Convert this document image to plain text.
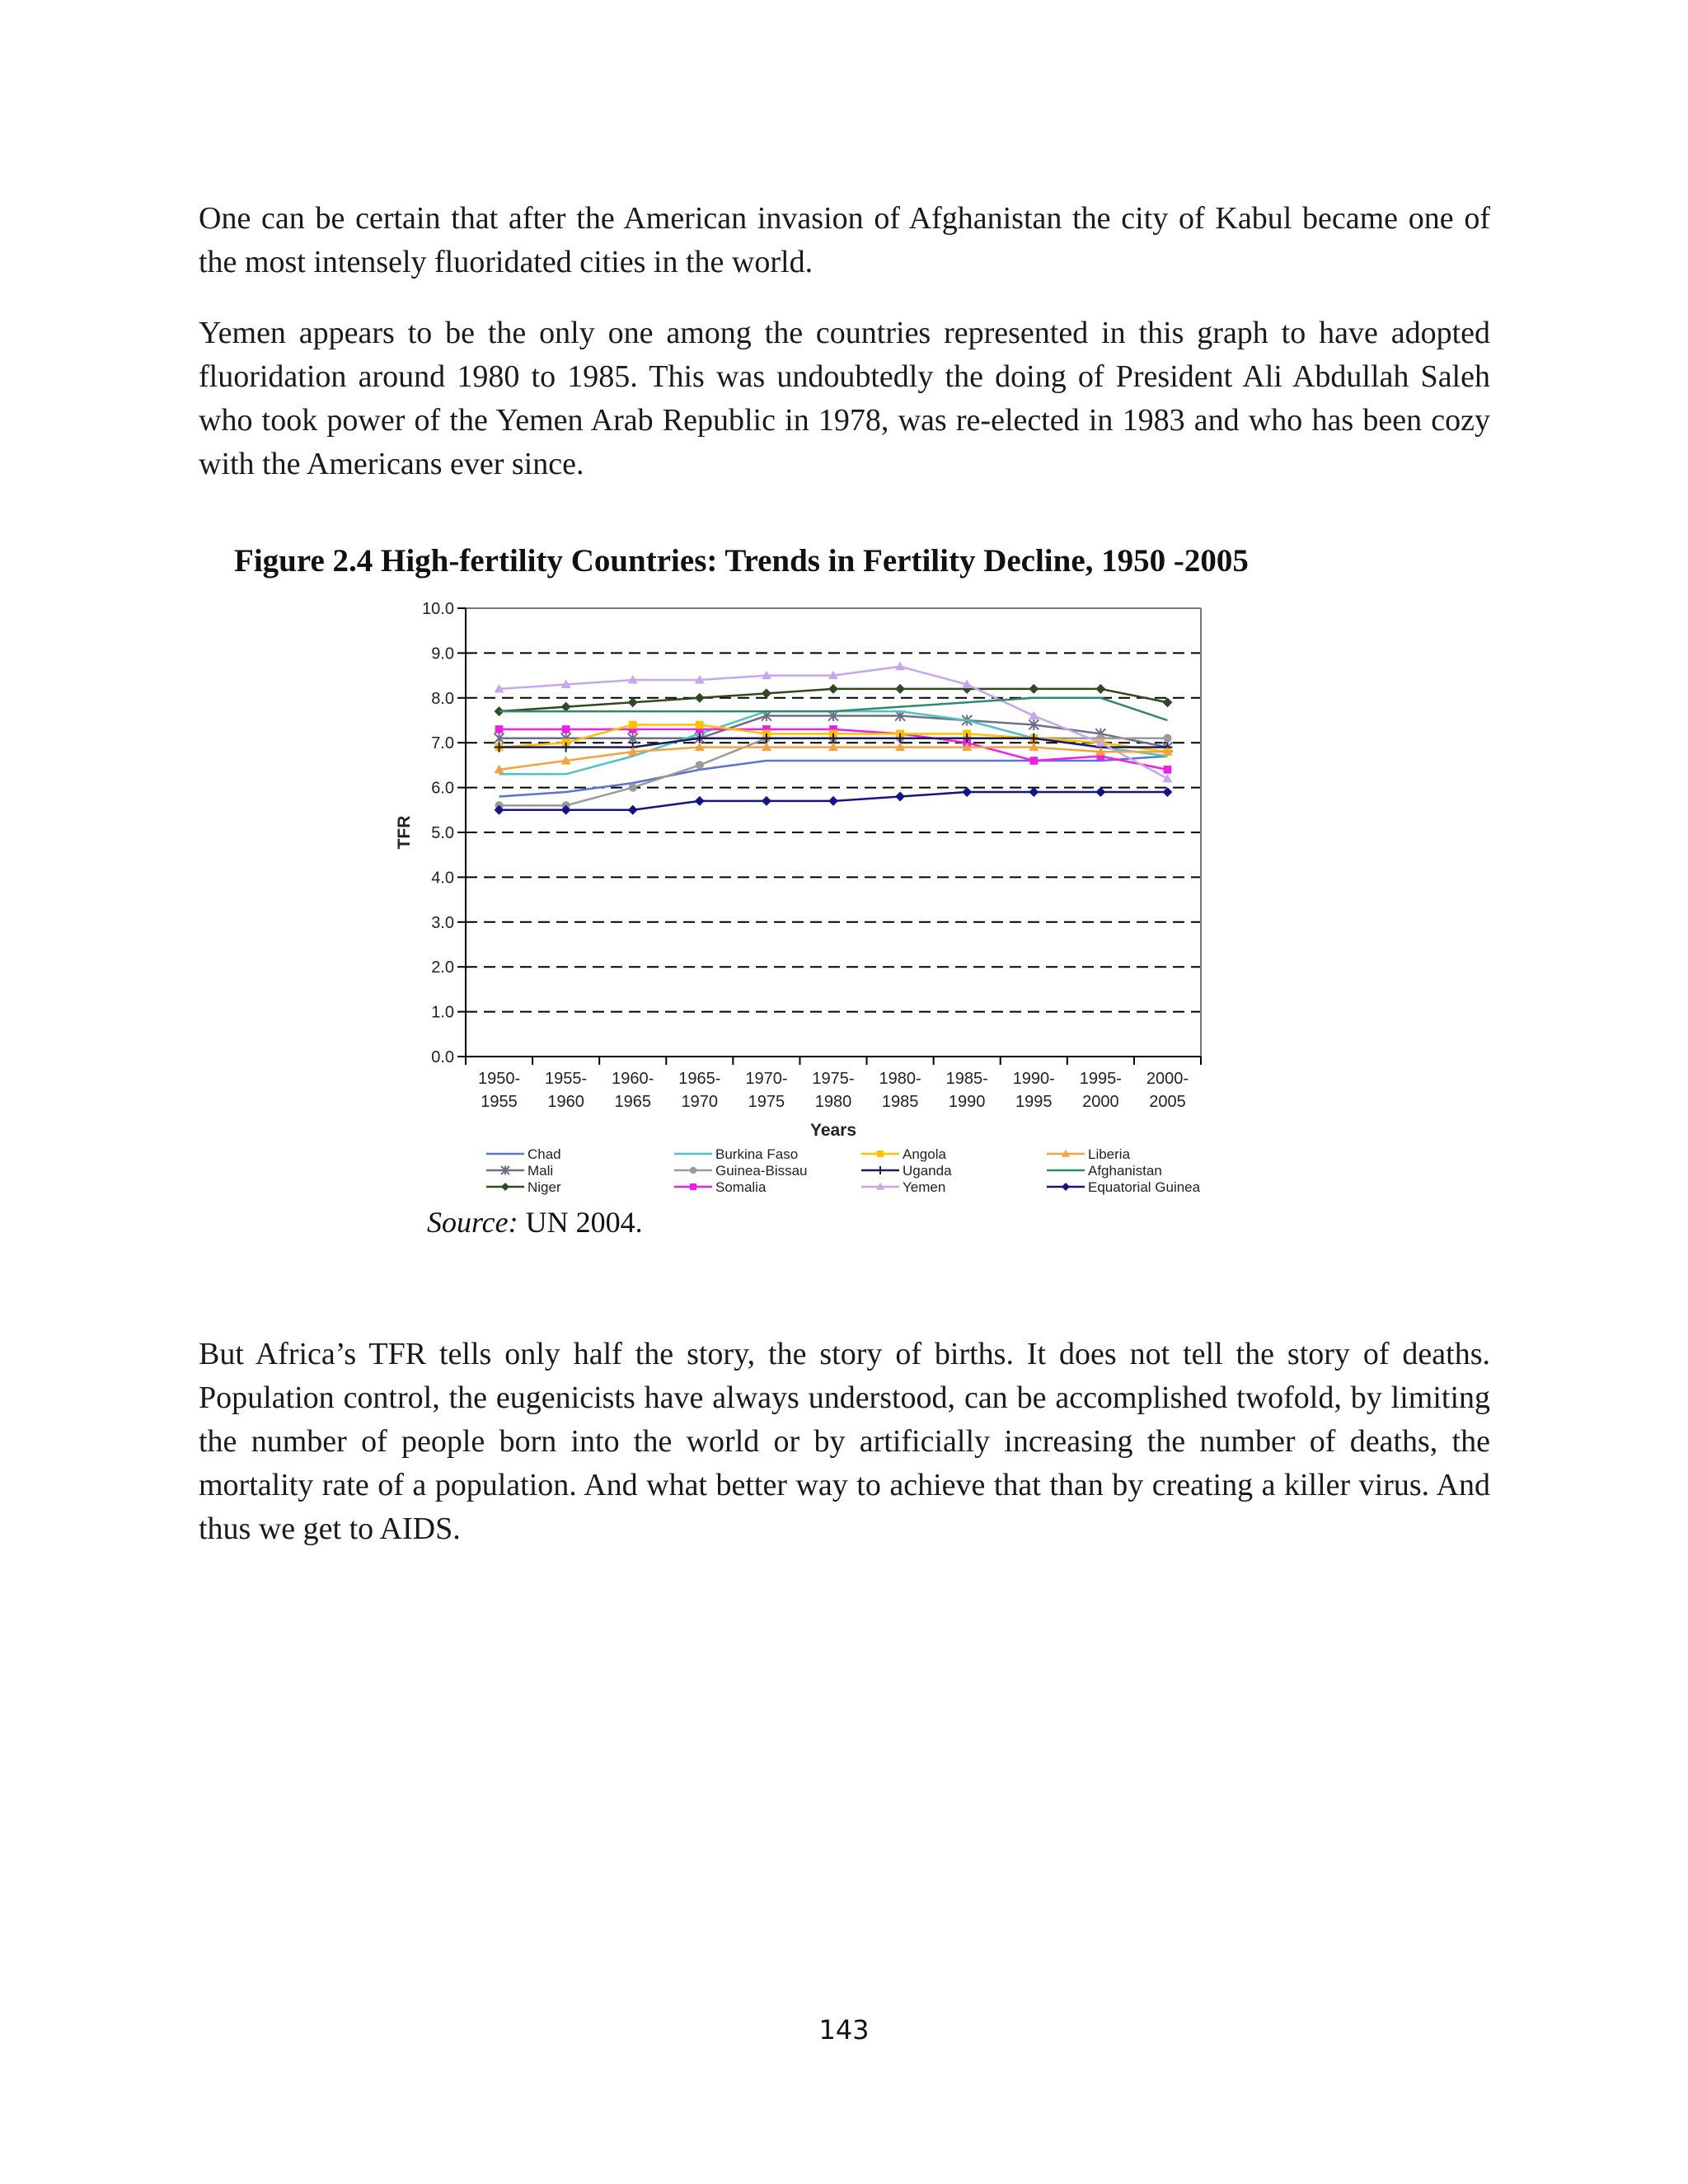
One can be certain that after the American invasion of Afghanistan the city of Kabul became one of the most intensely fluoridated cities in the world.

Yemen appears to be the only one among the countries represented in this graph to have adopted fluoridation around 1980 to 1985. This was undoubtedly the doing of President Ali Abdullah Saleh who took power of the Yemen Arab Republic in 1978, was re-elected in 1983 and who has been cozy with the Americans ever since.

Figure 2.4 High-fertility Countries: Trends in Fertility Decline, 1950 -2005

0.0
1.0
2.0
3.0
4.0
5.0
6.0
7.0
8.0
9.0
10.0
1950-
1955
1955-
1960
1960-
1965
1965-
1970
1970-
1975
1975-
1980
1980-
1985
1985-
1990
1990-
1995
1995-
2000
2000-
2005
Years
TFR
Chad
Mali
Niger
Burkina Faso
Guinea-Bissau
Somalia
Angola
Uganda
Yemen
Liberia
Afghanistan
Equatorial Guinea
Source: UN 2004.

But Africa’s TFR tells only half the story, the story of births. It does not tell the story of deaths. Population control, the eugenicists have always understood, can be accomplished twofold, by limiting the number of people born into the world or by artificially increasing the number of deaths, the mortality rate of a population. And what better way to achieve that than by creating a killer virus. And thus we get to AIDS.

143
